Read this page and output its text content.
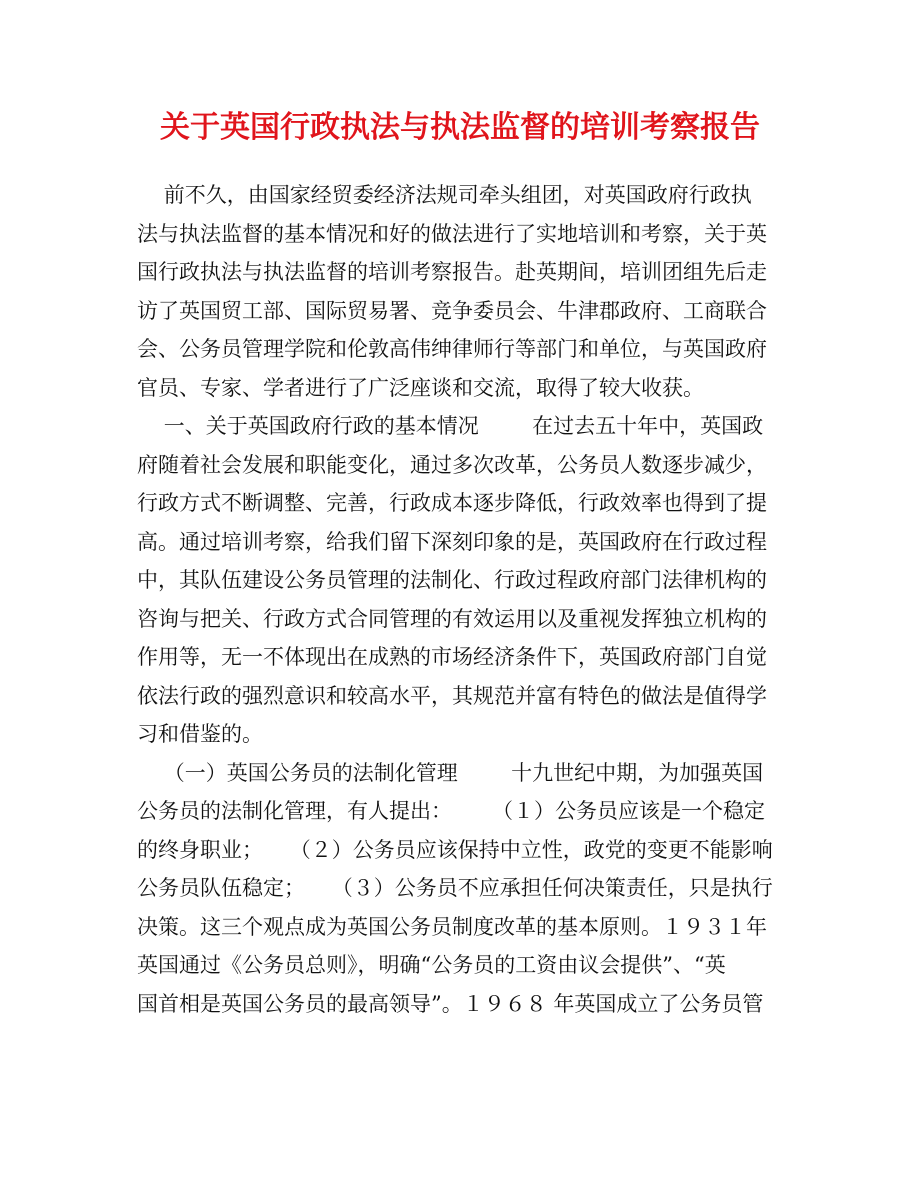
关于英国行政执法与执法监督的培训考察报告
前不久，由国家经贸委经济法规司牵头组团，对英国政府行政执
法与执法监督的基本情况和好的做法进行了实地培训和考察，关于英
国行政执法与执法监督的培训考察报告。赴英期间，培训团组先后走
访了英国贸工部、国际贸易署、竞争委员会、牛津郡政府、工商联合
会、公务员管理学院和伦敦高伟绅律师行等部门和单位，与英国政府
官员、专家、学者进行了广泛座谈和交流，取得了较大收获。
一、关于英国政府行政的基本情况        在过去五十年中，英国政
府随着社会发展和职能变化，通过多次改革，公务员人数逐步减少，
行政方式不断调整、完善，行政成本逐步降低，行政效率也得到了提
高。通过培训考察，给我们留下深刻印象的是，英国政府在行政过程
中，其队伍建设公务员管理的法制化、行政过程政府部门法律机构的
咨询与把关、行政方式合同管理的有效运用以及重视发挥独立机构的
作用等，无一不体现出在成熟的市场经济条件下，英国政府部门自觉
依法行政的强烈意识和较高水平，其规范并富有特色的做法是值得学
习和借鉴的。
（一）英国公务员的法制化管理        十九世纪中期，为加强英国
公务员的法制化管理，有人提出：      （１）公务员应该是一个稳定
的终身职业；    （２）公务员应该保持中立性，政党的变更不能影响
公务员队伍稳定；    （３）公务员不应承担任何决策责任，只是执行
决策。这三个观点成为英国公务员制度改革的基本原则。１９３１年
英国通过《公务员总则》，明确“公务员的工资由议会提供”、“英
国首相是英国公务员的最高领导”。１９６８ 年英国成立了公务员管
